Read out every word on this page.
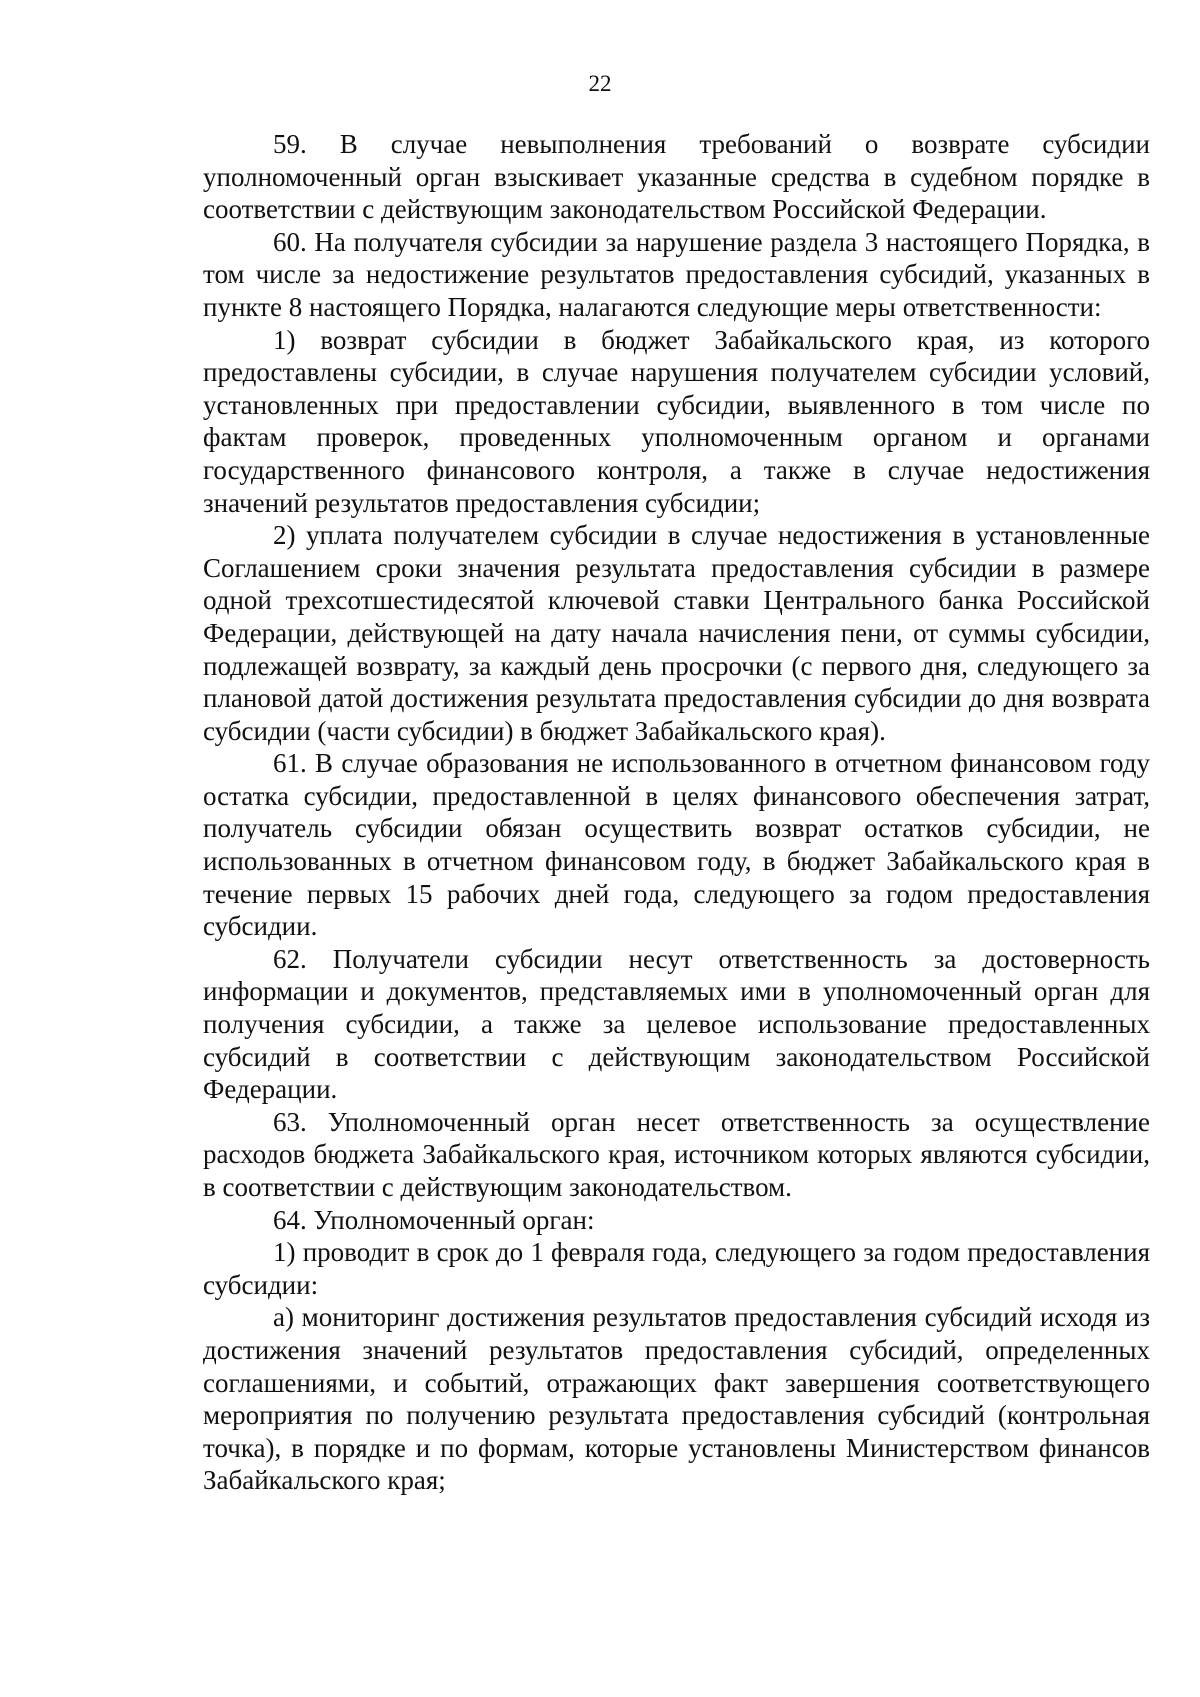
22

59. В случае невыполнения требований о возврате субсидии уполномоченный орган взыскивает указанные средства в судебном порядке в соответствии с действующим законодательством Российской Федерации.

60. На получателя субсидии за нарушение раздела 3 настоящего Порядка, в том числе за недостижение результатов предоставления субсидий, указанных в пункте 8 настоящего Порядка, налагаются следующие меры ответственности:

1) возврат субсидии в бюджет Забайкальского края, из которого предоставлены субсидии, в случае нарушения получателем субсидии условий, установленных при предоставлении субсидии, выявленного в том числе по фактам проверок, проведенных уполномоченным органом и органами государственного финансового контроля, а также в случае недостижения значений результатов предоставления субсидии;

2) уплата получателем субсидии в случае недостижения в установленные Соглашением сроки значения результата предоставления субсидии в размере одной трехсотшестидесятой ключевой ставки Центрального банка Российской Федерации, действующей на дату начала начисления пени, от суммы субсидии, подлежащей возврату, за каждый день просрочки (с первого дня, следующего за плановой датой достижения результата предоставления субсидии до дня возврата субсидии (части субсидии) в бюджет Забайкальского края).

61. В случае образования не использованного в отчетном финансовом году остатка субсидии, предоставленной в целях финансового обеспечения затрат, получатель субсидии обязан осуществить возврат остатков субсидии, не использованных в отчетном финансовом году, в бюджет Забайкальского края в течение первых 15 рабочих дней года, следующего за годом предоставления субсидии.

62. Получатели субсидии несут ответственность за достоверность информации и документов, представляемых ими в уполномоченный орган для получения субсидии, а также за целевое использование предоставленных субсидий в соответствии с действующим законодательством Российской Федерации.

63. Уполномоченный орган несет ответственность за осуществление расходов бюджета Забайкальского края, источником которых являются субсидии, в соответствии с действующим законодательством.

64. Уполномоченный орган:

1) проводит в срок до 1 февраля года, следующего за годом предоставления субсидии:

а) мониторинг достижения результатов предоставления субсидий исходя из достижения значений результатов предоставления субсидий, определенных соглашениями, и событий, отражающих факт завершения соответствующего мероприятия по получению результата предоставления субсидий (контрольная точка), в порядке и по формам, которые установлены Министерством финансов Забайкальского края;
